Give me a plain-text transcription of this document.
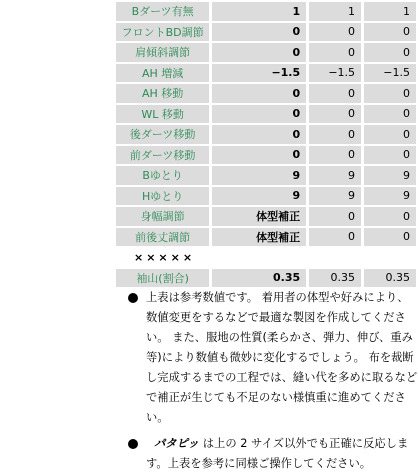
Bダーツ有無		1		1		1
フロントBD調節		0		0		0
肩傾斜調節		0		0		0
AH 増減		−1.5		−1.5		−1.5
AH 移動		0		0		0
WL 移動		0		0		0
後ダーツ移動		0		0		0
前ダーツ移動		0		0		0
Bゆとり		9		9		9
Hゆとり		9		9		9
身幅調節		体型補正		0		0
前後丈調節		体型補正		0		0
×××××						
袖山(割合)		0.35		0.35		0.35
上表は参考数値です。 着用者の体型や好みにより、数値変更をするなどで最適な製図を作成してください。 また、服地の性質(柔らかさ、弾力、伸び、重み等)により数値も微妙に変化するでしょう。 布を裁断し完成するまでの工程では、縫い代を多めに取るなどで補正が生じても不足のない様慎重に進めてください。
パタピッ は上の 2 サイズ以外でも正確に反応します。上表を参考に同様ご操作してください。
